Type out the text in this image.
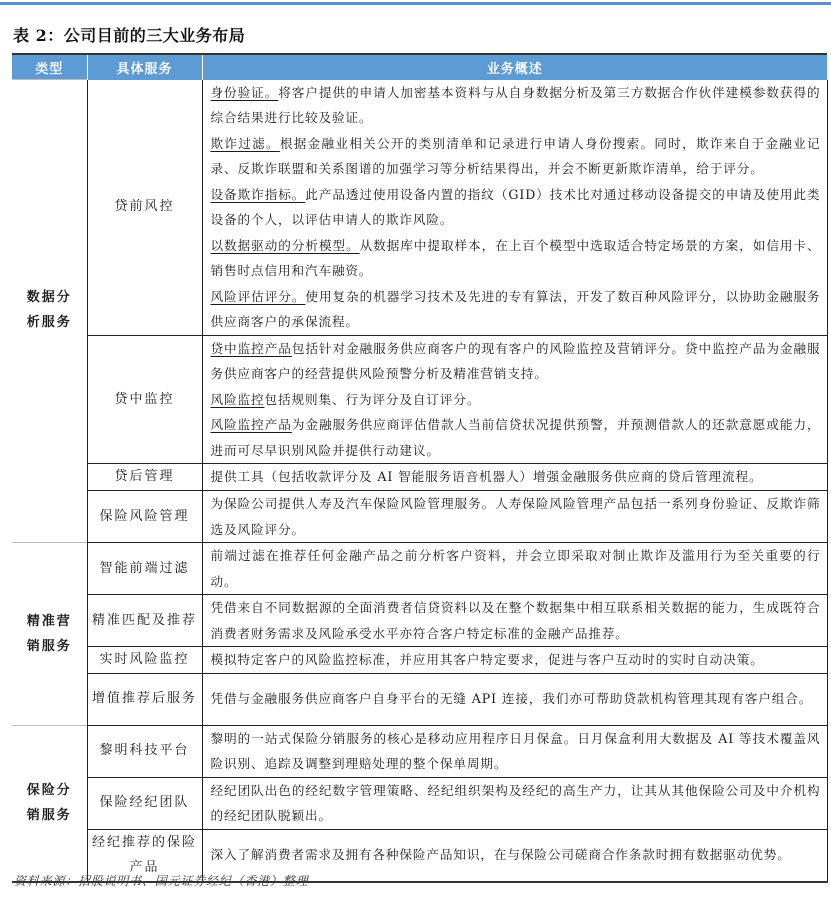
表 2：公司目前的三大业务布局
类型	具体服务	业务概述

数据分
析服务	贷前风控	身份验证。将客户提供的申请人加密基本资料与从自身数据分析及第三方数据合作伙伴建模参数获得的综合结果进行比较及验证。
欺诈过滤。根据金融业相关公开的类别清单和记录进行申请人身份搜索。同时，欺诈来自于金融业记录、反欺诈联盟和关系图谱的加强学习等分析结果得出，并会不断更新欺诈清单，给于评分。
设备欺诈指标。此产品透过使用设备内置的指纹（GID）技术比对通过移动设备提交的申请及使用此类设备的个人，以评估申请人的欺诈风险。
以数据驱动的分析模型。从数据库中提取样本，在上百个模型中选取适合特定场景的方案，如信用卡、销售时点信用和汽车融资。
风险评估评分。使用复杂的机器学习技术及先进的专有算法，开发了数百种风险评分，以协助金融服务供应商客户的承保流程。

	贷中监控	贷中监控产品包括针对金融服务供应商客户的现有客户的风险监控及营销评分。贷中监控产品为金融服务供应商客户的经营提供风险预警分析及精准营销支持。
风险监控包括规则集、行为评分及自订评分。
风险监控产品为金融服务供应商评估借款人当前信贷状况提供预警，并预测借款人的还款意愿或能力，进而可尽早识别风险并提供行动建议。

	贷后管理	提供工具（包括收款评分及 AI 智能服务语音机器人）增强金融服务供应商的贷后管理流程。

	保险风险管理	为保险公司提供人寿及汽车保险风险管理服务。人寿保险风险管理产品包括一系列身份验证、反欺诈筛选及风险评分。

精准营
销服务	智能前端过滤	前端过滤在推荐任何金融产品之前分析客户资料，并会立即采取对制止欺诈及滥用行为至关重要的行动。

	精准匹配及推荐	凭借来自不同数据源的全面消费者信贷资料以及在整个数据集中相互联系相关数据的能力，生成既符合消费者财务需求及风险承受水平亦符合客户特定标准的金融产品推荐。

	实时风险监控	模拟特定客户的风险监控标准，并应用其客户特定要求，促进与客户互动时的实时自动决策。

	增值推荐后服务	凭借与金融服务供应商客户自身平台的无缝 API 连接，我们亦可帮助贷款机构管理其现有客户组合。

保险分
销服务	黎明科技平台	黎明的一站式保险分销服务的核心是移动应用程序日月保盒。日月保盒利用大数据及 AI 等技术覆盖风险识别、追踪及调整到理赔处理的整个保单周期。

	保险经纪团队	经纪团队出色的经纪数字管理策略、经纪组织架构及经纪的高生产力，让其从其他保险公司及中介机构的经纪团队脱颖出。

	经纪推荐的保险产品	深入了解消费者需求及拥有各种保险产品知识，在与保险公司磋商合作条款时拥有数据驱动优势。
资料来源：招股说明书、国元证券经纪（香港）整理
